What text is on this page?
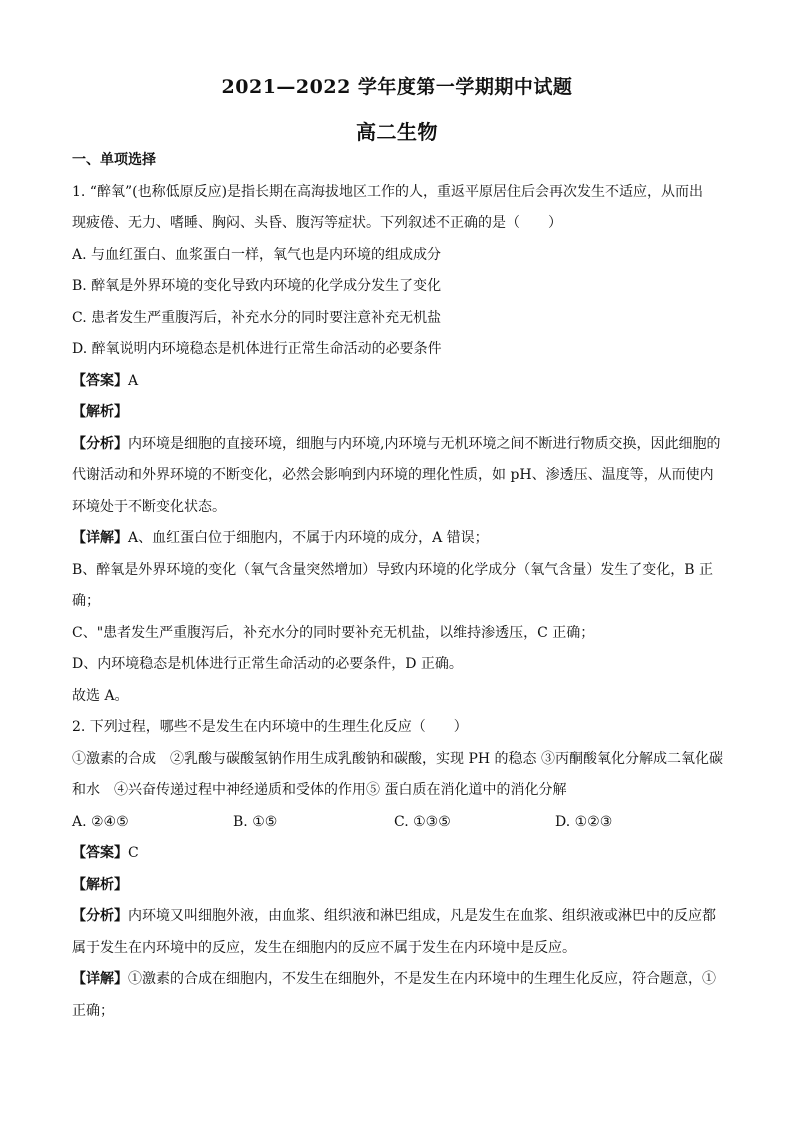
2021—2022 学年度第一学期期中试题
高二生物
一、单项选择
1. “醉氧”(也称低原反应)是指长期在高海拔地区工作的人，重返平原居住后会再次发生不适应，从而出
现疲倦、无力、嗜睡、胸闷、头昏、腹泻等症状。下列叙述不正确的是（　　）
A. 与血红蛋白、血浆蛋白一样，氧气也是内环境的组成成分
B. 醉氧是外界环境的变化导致内环境的化学成分发生了变化
C. 患者发生严重腹泻后，补充水分的同时要注意补充无机盐
D. 醉氧说明内环境稳态是机体进行正常生命活动的必要条件
【答案】A
【解析】
【分析】内环境是细胞的直接环境，细胞与内环境,内环境与无机环境之间不断进行物质交换，因此细胞的
代谢活动和外界环境的不断变化，必然会影响到内环境的理化性质，如 pH、渗透压、温度等，从而使内
环境处于不断变化状态。
【详解】A、血红蛋白位于细胞内，不属于内环境的成分，A 错误；
B、醉氧是外界环境的变化（氧气含量突然增加）导致内环境的化学成分（氧气含量）发生了变化，B 正
确；
C、"患者发生严重腹泻后，补充水分的同时要补充无机盐，以维持渗透压，C 正确；
D、内环境稳态是机体进行正常生命活动的必要条件，D 正确。
故选 A。
2. 下列过程，哪些不是发生在内环境中的生理生化反应（　　）
①激素的合成　②乳酸与碳酸氢钠作用生成乳酸钠和碳酸，实现 PH 的稳态 ③丙酮酸氧化分解成二氧化碳
和水　④兴奋传递过程中神经递质和受体的作用⑤ 蛋白质在消化道中的消化分解
A. ②④⑤	B. ①⑤	C. ①③⑤	D. ①②③
【答案】C
【解析】
【分析】内环境又叫细胞外液，由血浆、组织液和淋巴组成，凡是发生在血浆、组织液或淋巴中的反应都
属于发生在内环境中的反应，发生在细胞内的反应不属于发生在内环境中是反应。
【详解】①激素的合成在细胞内，不发生在细胞外，不是发生在内环境中的生理生化反应，符合题意，①
正确；
